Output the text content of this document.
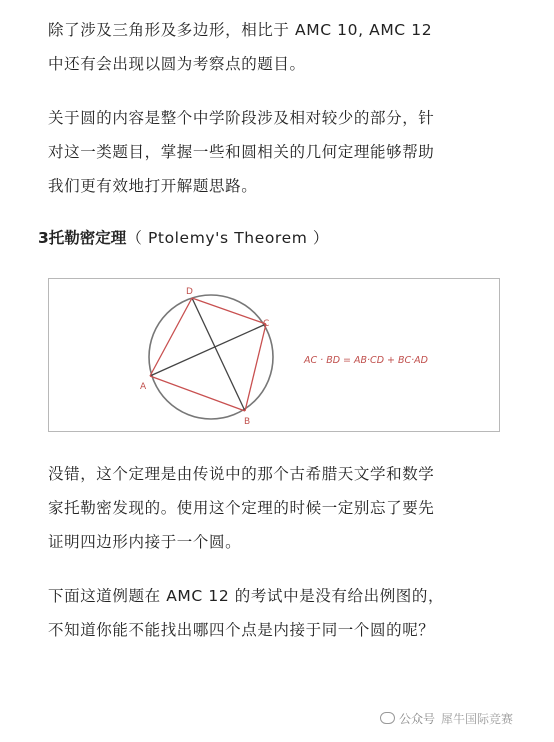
除了涉及三角形及多边形，相比于 AMC 10, AMC 12
中还有会出现以圆为考察点的题目。
关于圆的内容是整个中学阶段涉及相对较少的部分，针
对这一类题目，掌握一些和圆相关的几何定理能够帮助
我们更有效地打开解题思路。
3托勒密定理（ Ptolemy's Theorem ）
A
B
C
D
AC · BD = AB·CD + BC·AD
没错，这个定理是由传说中的那个古希腊天文学和数学
家托勒密发现的。使用这个定理的时候一定别忘了要先
证明四边形内接于一个圆。
下面这道例题在 AMC 12 的考试中是没有给出例图的，
不知道你能不能找出哪四个点是内接于同一个圆的呢？
公众号 犀牛国际竞赛
